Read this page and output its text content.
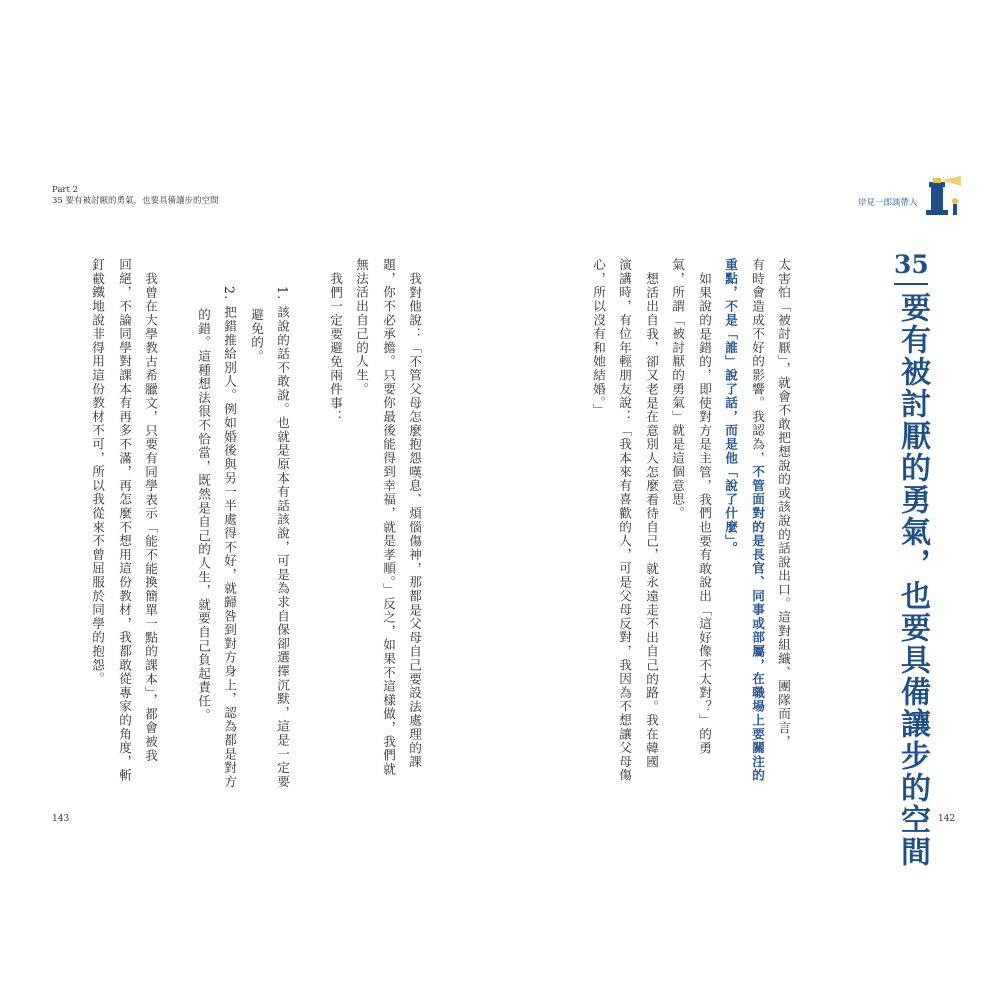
Part 2
35 要有被討厭的勇氣，也要具備讓步的空間	岸見一郎談帶人
35
要有被討厭的勇氣，也要具備讓步的空間
太害怕「被討厭」，就會不敢把想說的或該說的話說出口。這對組織、團隊而言，
有時會造成不好的影響。我認為，不管面對的是長官、同事或部屬，在職場上要關注的
重點，不是「誰」說了話，而是他「說了什麼」。
如果說的是錯的，即使對方是主管，我們也要有敢說出「這好像不太對？」的勇
氣，所謂「被討厭的勇氣」就是這個意思。
想活出自我，卻又老是在意別人怎麼看待自己，就永遠走不出自己的路。我在韓國
演講時，有位年輕朋友說：「我本來有喜歡的人，可是父母反對，我因為不想讓父母傷
心，所以沒有和她結婚。」
我對他說：「不管父母怎麼抱怨嘆息、煩惱傷神，那都是父母自己要設法處理的課
題，你不必承擔。只要你最後能得到幸福，就是孝順。」反之，如果不這樣做，我們就
無法活出自己的人生。
我們一定要避免兩件事：
1. 該說的話不敢說。也就是原本有話該說，可是為求自保卻選擇沉默，這是一定要
避免的。
2. 把錯推給別人。例如婚後與另一半處得不好，就歸咎到對方身上，認為都是對方
的錯。這種想法很不恰當，既然是自己的人生，就要自己負起責任。
我曾在大學教古希臘文，只要有同學表示「能不能換簡單一點的課本」，都會被我
回絕，不論同學對課本有再多不滿，再怎麼不想用這份教材，我都敢從專家的角度，斬
釘截鐵地說非得用這份教材不可，所以我從來不曾屈服於同學的抱怨。
143	142
